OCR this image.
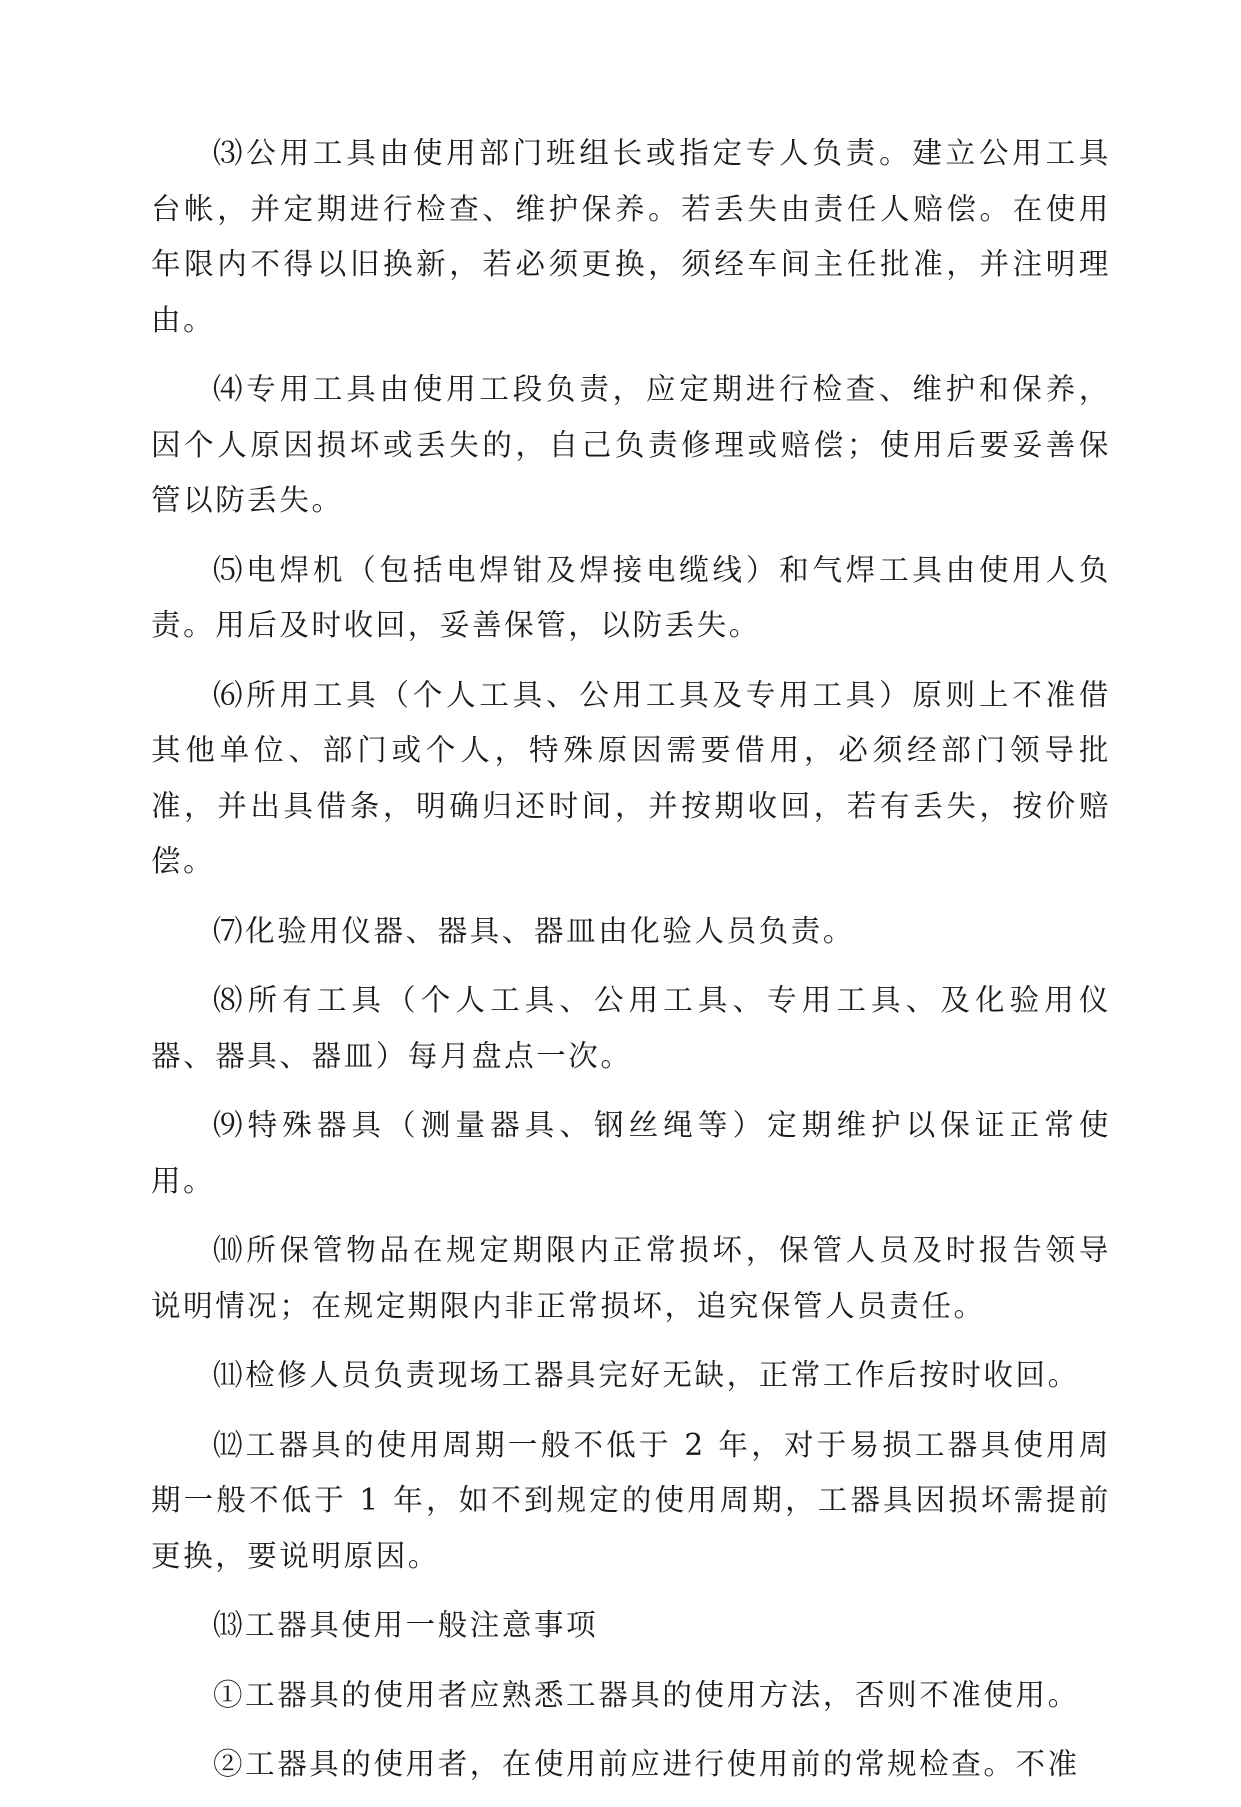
⑶公用工具由使用部门班组长或指定专人负责。建立公用工具台帐，并定期进行检查、维护保养。若丢失由责任人赔偿。在使用年限内不得以旧换新，若必须更换，须经车间主任批准，并注明理由。

⑷专用工具由使用工段负责，应定期进行检查、维护和保养，因个人原因损坏或丢失的，自己负责修理或赔偿；使用后要妥善保管以防丢失。

⑸电焊机（包括电焊钳及焊接电缆线）和气焊工具由使用人负责。用后及时收回，妥善保管，以防丢失。

⑹所用工具（个人工具、公用工具及专用工具）原则上不准借其他单位、部门或个人，特殊原因需要借用，必须经部门领导批准，并出具借条，明确归还时间，并按期收回，若有丢失，按价赔偿。

⑺化验用仪器、器具、器皿由化验人员负责。

⑻所有工具（个人工具、公用工具、专用工具、及化验用仪器、器具、器皿）每月盘点一次。

⑼特殊器具（测量器具、钢丝绳等）定期维护以保证正常使用。

⑽所保管物品在规定期限内正常损坏，保管人员及时报告领导说明情况；在规定期限内非正常损坏，追究保管人员责任。

⑾检修人员负责现场工器具完好无缺，正常工作后按时收回。

⑿工器具的使用周期一般不低于 2 年，对于易损工器具使用周期一般不低于 1 年，如不到规定的使用周期，工器具因损坏需提前更换，要说明原因。

⒀工器具使用一般注意事项

①工器具的使用者应熟悉工器具的使用方法，否则不准使用。

②工器具的使用者，在使用前应进行使用前的常规检查。不准
